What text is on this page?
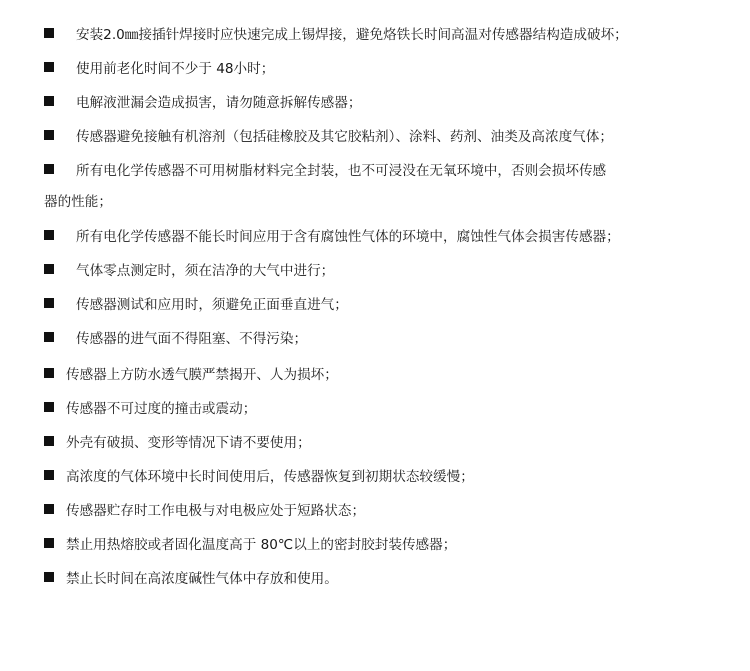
安装2.0㎜接插针焊接时应快速完成上锡焊接，避免烙铁长时间高温对传感器结构造成破坏；
使用前老化时间不少于 48小时；
电解液泄漏会造成损害，请勿随意拆解传感器；
传感器避免接触有机溶剂（包括硅橡胶及其它胶粘剂）、涂料、药剂、油类及高浓度气体；
所有电化学传感器不可用树脂材料完全封装，也不可浸没在无氧环境中，否则会损坏传感
器的性能；
所有电化学传感器不能长时间应用于含有腐蚀性气体的环境中，腐蚀性气体会损害传感器；
气体零点测定时，须在洁净的大气中进行；
传感器测试和应用时，须避免正面垂直进气；
传感器的进气面不得阻塞、不得污染；
传感器上方防水透气膜严禁揭开、人为损坏；
传感器不可过度的撞击或震动；
外壳有破损、变形等情况下请不要使用；
高浓度的气体环境中长时间使用后，传感器恢复到初期状态较缓慢；
传感器贮存时工作电极与对电极应处于短路状态；
禁止用热熔胶或者固化温度高于 80℃以上的密封胶封装传感器；
禁止长时间在高浓度碱性气体中存放和使用。
